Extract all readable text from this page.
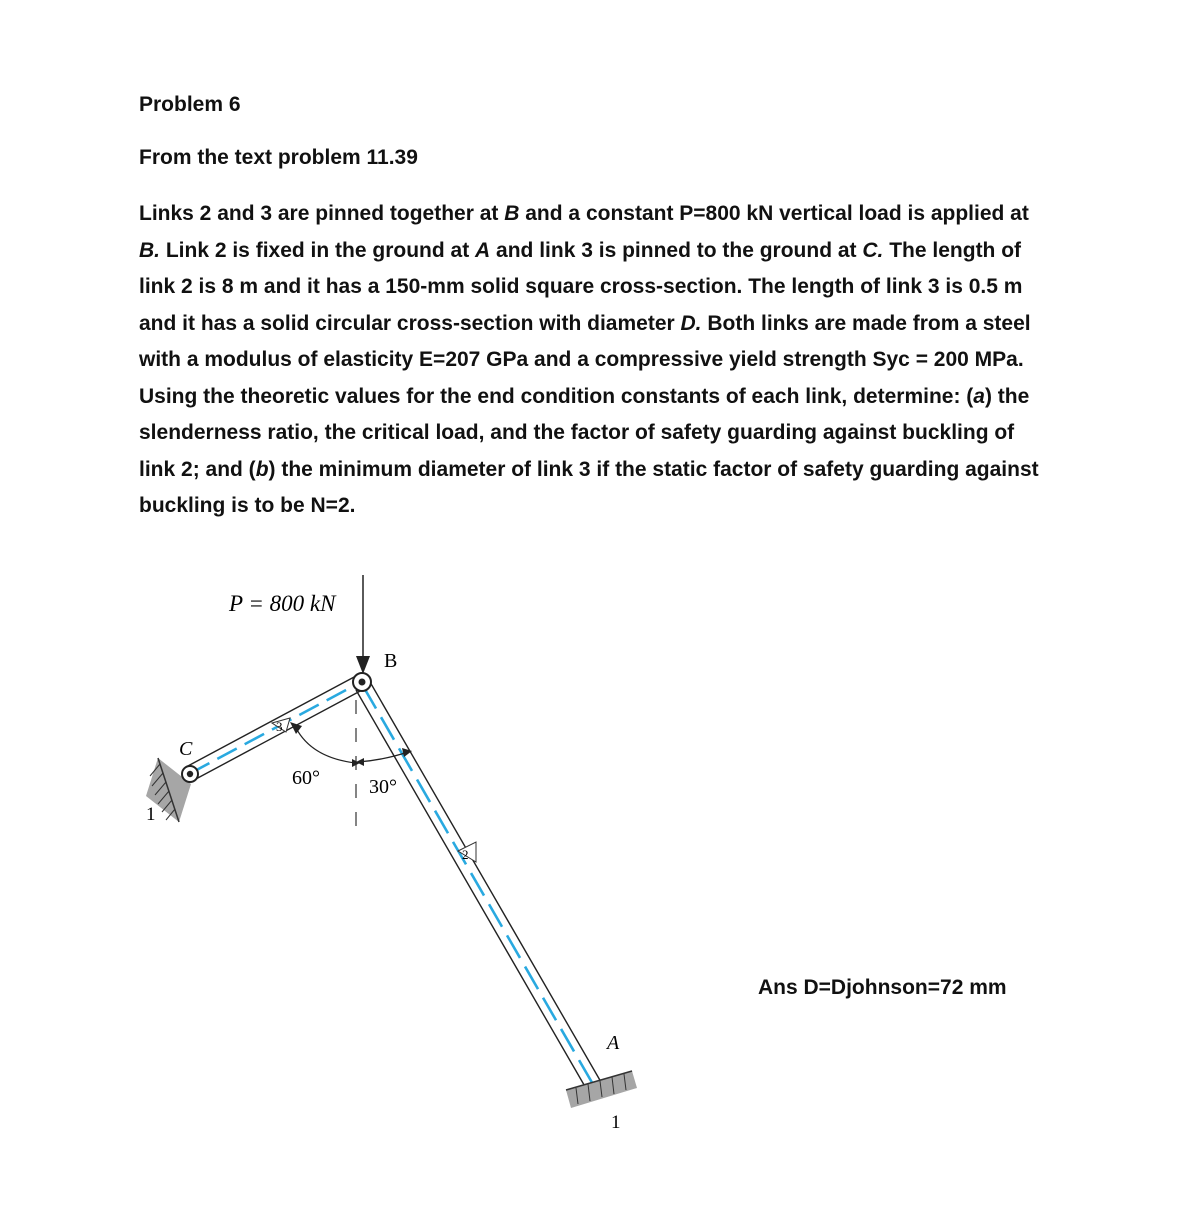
Problem 6
From the text problem 11.39
Links 2 and 3 are pinned together at B and a constant P=800 kN vertical load is applied at B. Link 2 is fixed in the ground at A and link 3 is pinned to the ground at C. The length of link 2 is 8 m and it has a 150-mm solid square cross-section. The length of link 3 is 0.5 m and it has a solid circular cross-section with diameter D. Both links are made from a steel with a modulus of elasticity E=207 GPa and a compressive yield strength Syc = 200 MPa. Using the theoretic values for the end condition constants of each link, determine: (a) the slenderness ratio, the critical load, and the factor of safety guarding against buckling of link 2; and (b) the minimum diameter of link 3 if the static factor of safety guarding against buckling is to be N=2.
3
2
P = 800 kN
B
C
A
1
1
60° 30°
Ans D=Djohnson=72 mm
